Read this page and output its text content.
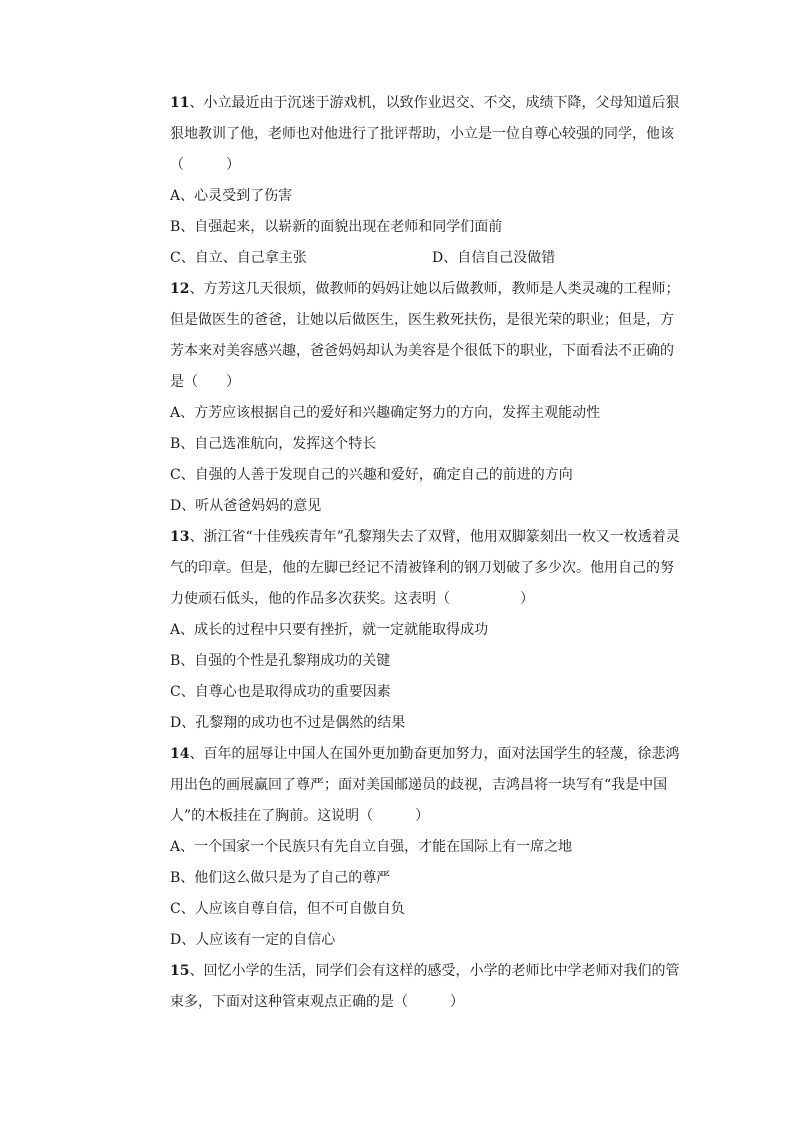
11、小立最近由于沉迷于游戏机，以致作业迟交、不交，成绩下降，父母知道后狠狠地教训了他，老师也对他进行了批评帮助，小立是一位自尊心较强的同学，他该（　　　）

A、心灵受到了伤害

B、自强起来，以崭新的面貌出现在老师和同学们面前

C、自立、自己拿主张	D、自信自己没做错

12、方芳这几天很烦，做教师的妈妈让她以后做教师，教师是人类灵魂的工程师；但是做医生的爸爸，让她以后做医生，医生救死扶伤，是很光荣的职业；但是，方芳本来对美容感兴趣，爸爸妈妈却认为美容是个很低下的职业，下面看法不正确的是（　　）

A、方芳应该根据自己的爱好和兴趣确定努力的方向，发挥主观能动性

B、自己选准航向，发挥这个特长

C、自强的人善于发现自己的兴趣和爱好，确定自己的前进的方向

D、听从爸爸妈妈的意见

13、浙江省“十佳残疾青年”孔黎翔失去了双臂，他用双脚篆刻出一枚又一枚透着灵气的印章。但是，他的左脚已经记不清被锋利的钢刀划破了多少次。他用自己的努力使顽石低头，他的作品多次获奖。这表明（　　　　　）

A、成长的过程中只要有挫折，就一定就能取得成功

B、自强的个性是孔黎翔成功的关键

C、自尊心也是取得成功的重要因素

D、孔黎翔的成功也不过是偶然的结果

14、百年的屈辱让中国人在国外更加勤奋更加努力，面对法国学生的轻蔑，徐悲鸿用出色的画展赢回了尊严；面对美国邮递员的歧视，吉鸿昌将一块写有“我是中国人”的木板挂在了胸前。这说明（　　　）

A、一个国家一个民族只有先自立自强，才能在国际上有一席之地

B、他们这么做只是为了自己的尊严

C、人应该自尊自信，但不可自傲自负

D、人应该有一定的自信心

15、回忆小学的生活，同学们会有这样的感受，小学的老师比中学老师对我们的管束多，下面对这种管束观点正确的是（　　　）
